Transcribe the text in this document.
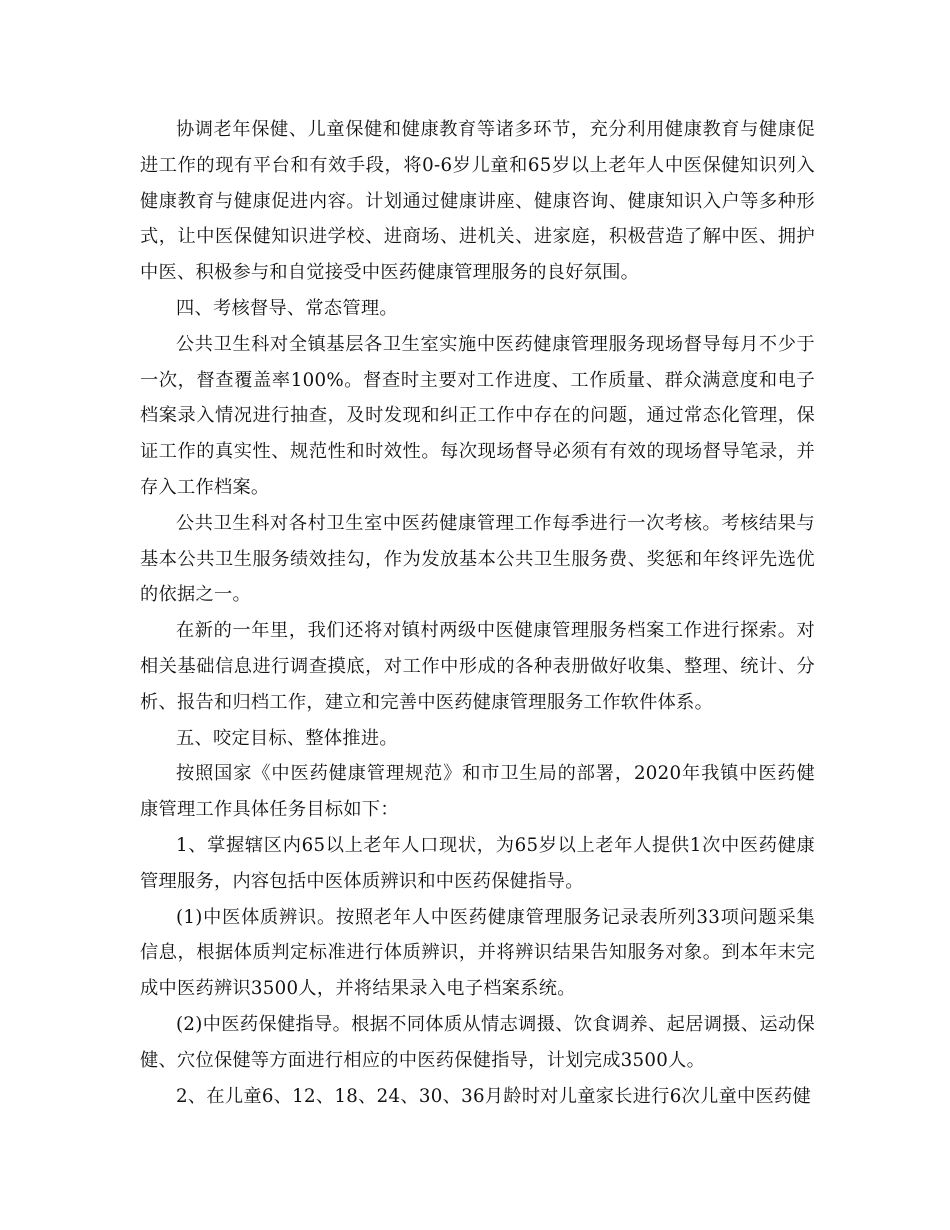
协调老年保健、儿童保健和健康教育等诸多环节，充分利用健康教育与健康促进工作的现有平台和有效手段，将0-6岁儿童和65岁以上老年人中医保健知识列入健康教育与健康促进内容。计划通过健康讲座、健康咨询、健康知识入户等多种形式，让中医保健知识进学校、进商场、进机关、进家庭，积极营造了解中医、拥护中医、积极参与和自觉接受中医药健康管理服务的良好氛围。

四、考核督导、常态管理。

公共卫生科对全镇基层各卫生室实施中医药健康管理服务现场督导每月不少于一次，督查覆盖率100%。督查时主要对工作进度、工作质量、群众满意度和电子档案录入情况进行抽查，及时发现和纠正工作中存在的问题，通过常态化管理，保证工作的真实性、规范性和时效性。每次现场督导必须有有效的现场督导笔录，并存入工作档案。

公共卫生科对各村卫生室中医药健康管理工作每季进行一次考核。考核结果与基本公共卫生服务绩效挂勾，作为发放基本公共卫生服务费、奖惩和年终评先选优的依据之一。

在新的一年里，我们还将对镇村两级中医健康管理服务档案工作进行探索。对相关基础信息进行调查摸底，对工作中形成的各种表册做好收集、整理、统计、分析、报告和归档工作，建立和完善中医药健康管理服务工作软件体系。

五、咬定目标、整体推进。

按照国家《中医药健康管理规范》和市卫生局的部署，2020年我镇中医药健康管理工作具体任务目标如下：

1、掌握辖区内65以上老年人口现状，为65岁以上老年人提供1次中医药健康管理服务，内容包括中医体质辨识和中医药保健指导。

(1)中医体质辨识。按照老年人中医药健康管理服务记录表所列33项问题采集信息，根据体质判定标准进行体质辨识，并将辨识结果告知服务对象。到本年末完成中医药辨识3500人，并将结果录入电子档案系统。

(2)中医药保健指导。根据不同体质从情志调摄、饮食调养、起居调摄、运动保健、穴位保健等方面进行相应的中医药保健指导，计划完成3500人。

2、在儿童6、12、18、24、30、36月龄时对儿童家长进行6次儿童中医药健
